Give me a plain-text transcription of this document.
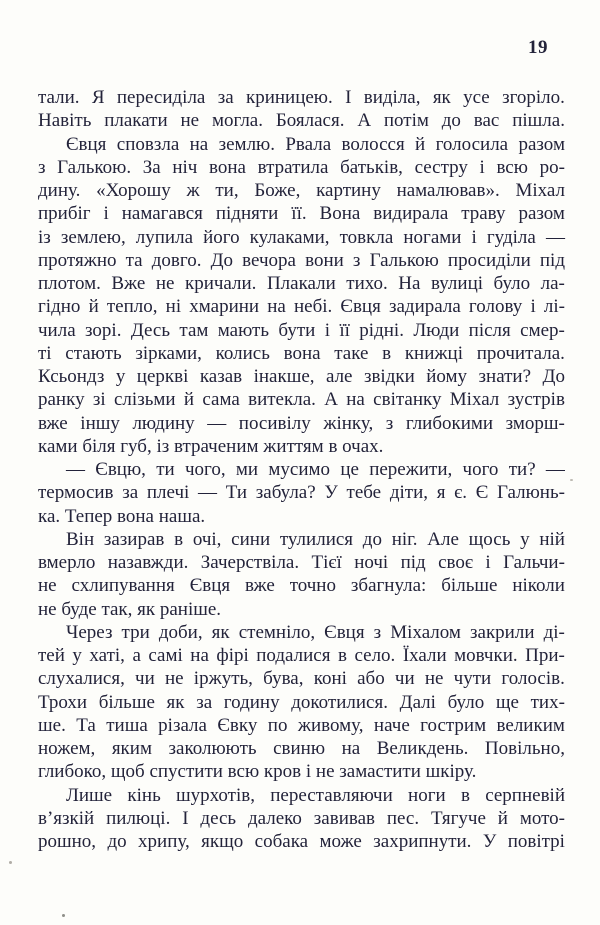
19
тали. Я пересиділа за криницею. І виділа, як усе згоріло.
Навіть плакати не могла. Боялася. А потім до вас пішла.
Євця сповзла на землю. Рвала волосся й голосила разом
з Галькою. За ніч вона втратила батьків, сестру і всю ро-
дину. «Хорошу ж ти, Боже, картину намалював». Міхал
прибіг і намагався підняти її. Вона видирала траву разом
із землею, лупила його кулаками, товкла ногами і гуділа —
протяжно та довго. До вечора вони з Галькою просиділи під
плотом. Вже не кричали. Плакали тихо. На вулиці було ла-
гідно й тепло, ні хмарини на небі. Євця задирала голову і лі-
чила зорі. Десь там мають бути і її рідні. Люди після смер-
ті стають зірками, колись вона таке в книжці прочитала.
Ксьондз у церкві казав інакше, але звідки йому знати? До
ранку зі слізьми й сама витекла. А на світанку Міхал зустрів
вже іншу людину — посивілу жінку, з глибокими зморш-
ками біля губ, із втраченим життям в очах.
— Євцю, ти чого, ми мусимо це пережити, чого ти? —
термосив за плечі — Ти забула? У тебе діти, я є. Є Галюнь-
ка. Тепер вона наша.
Він зазирав в очі, сини тулилися до ніг. Але щось у ній
вмерло назавжди. Зачерствіла. Тієї ночі під своє і Гальчи-
не схлипування Євця вже точно збагнула: більше ніколи
не буде так, як раніше.
Через три доби, як стемніло, Євця з Міхалом закрили ді-
тей у хаті, а самі на фірі подалися в село. Їхали мовчки. При-
слухалися, чи не іржуть, бува, коні або чи не чути голосів.
Трохи більше як за годину докотилися. Далі було ще тих-
ше. Та тиша різала Євку по живому, наче гострим великим
ножем, яким заколюють свиню на Великдень. Повільно,
глибоко, щоб спустити всю кров і не замастити шкіру.
Лише кінь шурхотів, переставляючи ноги в серпневій
в’язкій пилюці. І десь далеко завивав пес. Тягуче й мото-
рошно, до хрипу, якщо собака може захрипнути. У повітрі
